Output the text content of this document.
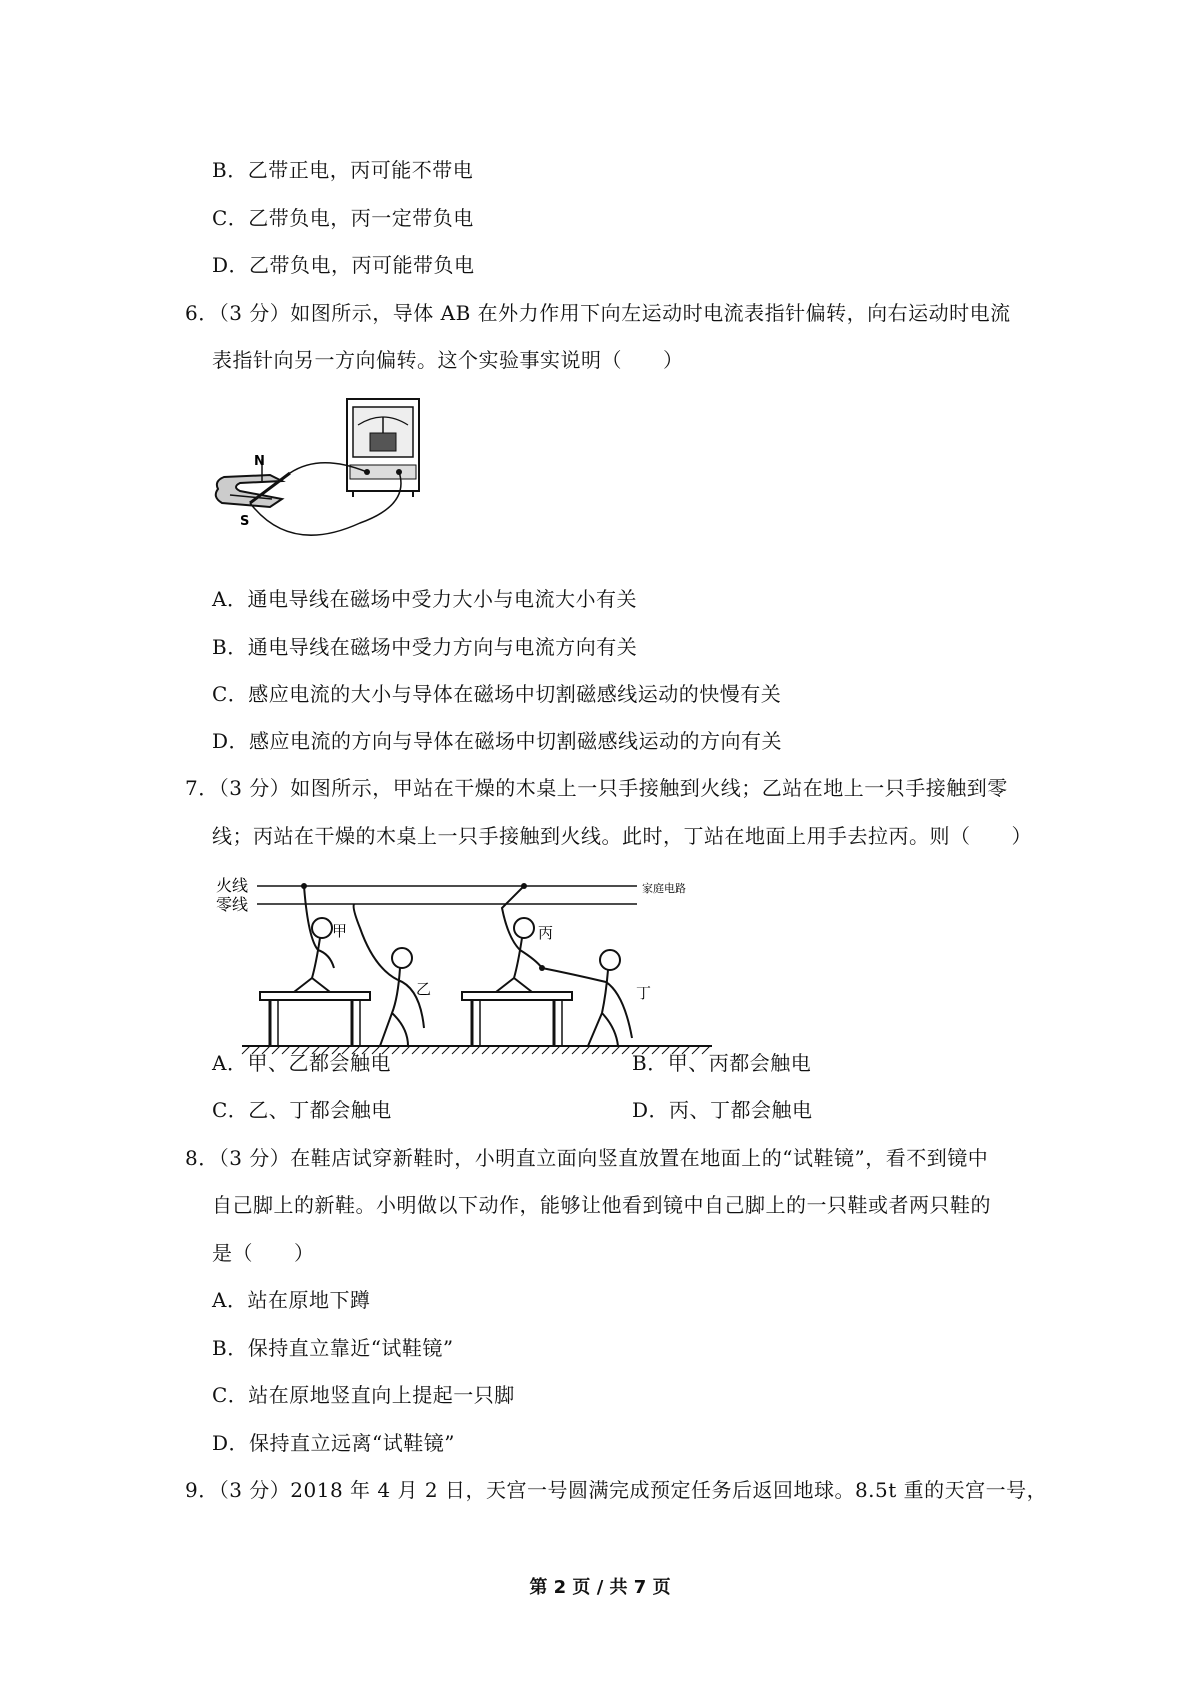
B．乙带正电，丙可能不带电
C．乙带负电，丙一定带负电
D．乙带负电，丙可能带负电
6．（3 分）如图所示，导体 AB 在外力作用下向左运动时电流表指针偏转，向右运动时电流
表指针向另一方向偏转。这个实验事实说明（　　）
N
S
A．通电导线在磁场中受力大小与电流大小有关
B．通电导线在磁场中受力方向与电流方向有关
C．感应电流的大小与导体在磁场中切割磁感线运动的快慢有关
D．感应电流的方向与导体在磁场中切割磁感线运动的方向有关
7．（3 分）如图所示，甲站在干燥的木桌上一只手接触到火线；乙站在地上一只手接触到零
线；丙站在干燥的木桌上一只手接触到火线。此时，丁站在地面上用手去拉丙。则（　　）
火线
零线
家庭电路
甲
乙
丙
丁
A．甲、乙都会触电	B．甲、丙都会触电
C．乙、丁都会触电	D．丙、丁都会触电
8．（3 分）在鞋店试穿新鞋时，小明直立面向竖直放置在地面上的“试鞋镜”，看不到镜中
自己脚上的新鞋。小明做以下动作，能够让他看到镜中自己脚上的一只鞋或者两只鞋的
是（　　）
A．站在原地下蹲
B．保持直立靠近“试鞋镜”
C．站在原地竖直向上提起一只脚
D．保持直立远离“试鞋镜”
9．（3 分）2018 年 4 月 2 日，天宫一号圆满完成预定任务后返回地球。8.5t 重的天宫一号，
第 2 页 / 共 7 页
